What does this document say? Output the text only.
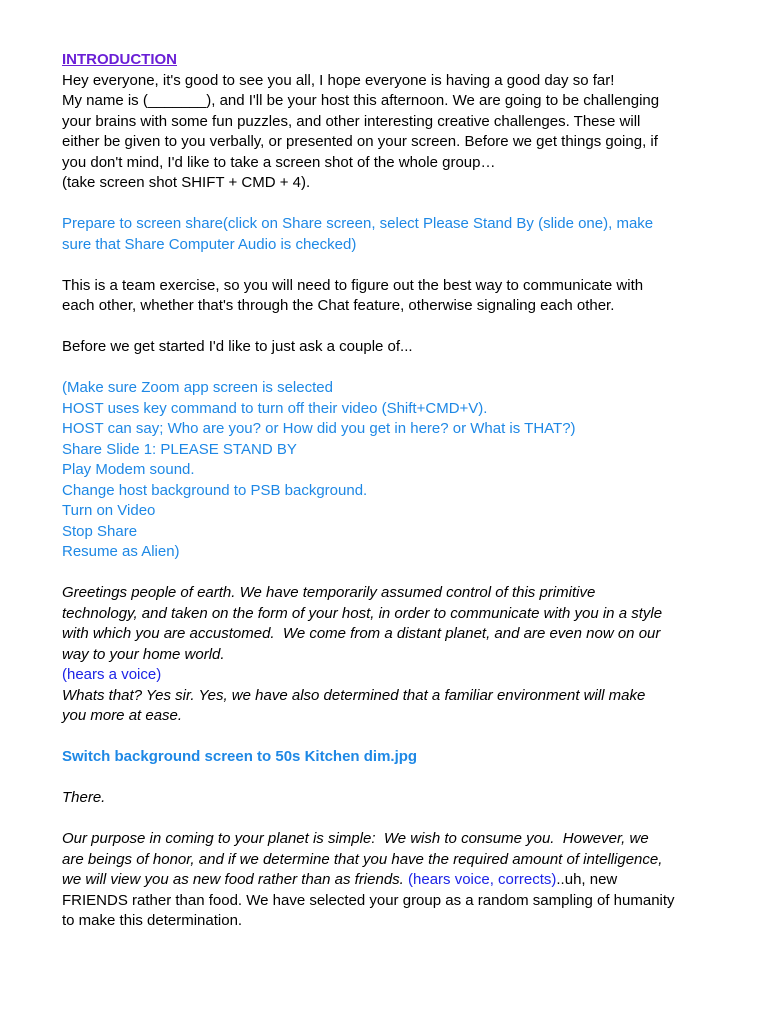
INTRODUCTION
Hey everyone, it's good to see you all, I hope everyone is having a good day so far!
My name is (_______), and I'll be your host this afternoon. We are going to be challenging
your brains with some fun puzzles, and other interesting creative challenges. These will
either be given to you verbally, or presented on your screen. Before we get things going, if
you don't mind, I'd like to take a screen shot of the whole group…
(take screen shot SHIFT + CMD + 4).
Prepare to screen share(click on Share screen, select Please Stand By (slide one), make
sure that Share Computer Audio is checked)
This is a team exercise, so you will need to figure out the best way to communicate with
each other, whether that's through the Chat feature, otherwise signaling each other.
Before we get started I'd like to just ask a couple of...
(Make sure Zoom app screen is selected
HOST uses key command to turn off their video (Shift+CMD+V).
HOST can say; Who are you? or How did you get in here? or What is THAT?)
Share Slide 1: PLEASE STAND BY
Play Modem sound.
Change host background to PSB background.
Turn on Video
Stop Share
Resume as Alien)
Greetings people of earth. We have temporarily assumed control of this primitive
technology, and taken on the form of your host, in order to communicate with you in a style
with which you are accustomed.  We come from a distant planet, and are even now on our
way to your home world.
(hears a voice)
Whats that? Yes sir. Yes, we have also determined that a familiar environment will make
you more at ease.
Switch background screen to 50s Kitchen dim.jpg
There.
Our purpose in coming to your planet is simple:  We wish to consume you.  However, we
are beings of honor, and if we determine that you have the required amount of intelligence,
we will view you as new food rather than as friends. (hears voice, corrects)..uh, new
FRIENDS rather than food. We have selected your group as a random sampling of humanity
to make this determination.
